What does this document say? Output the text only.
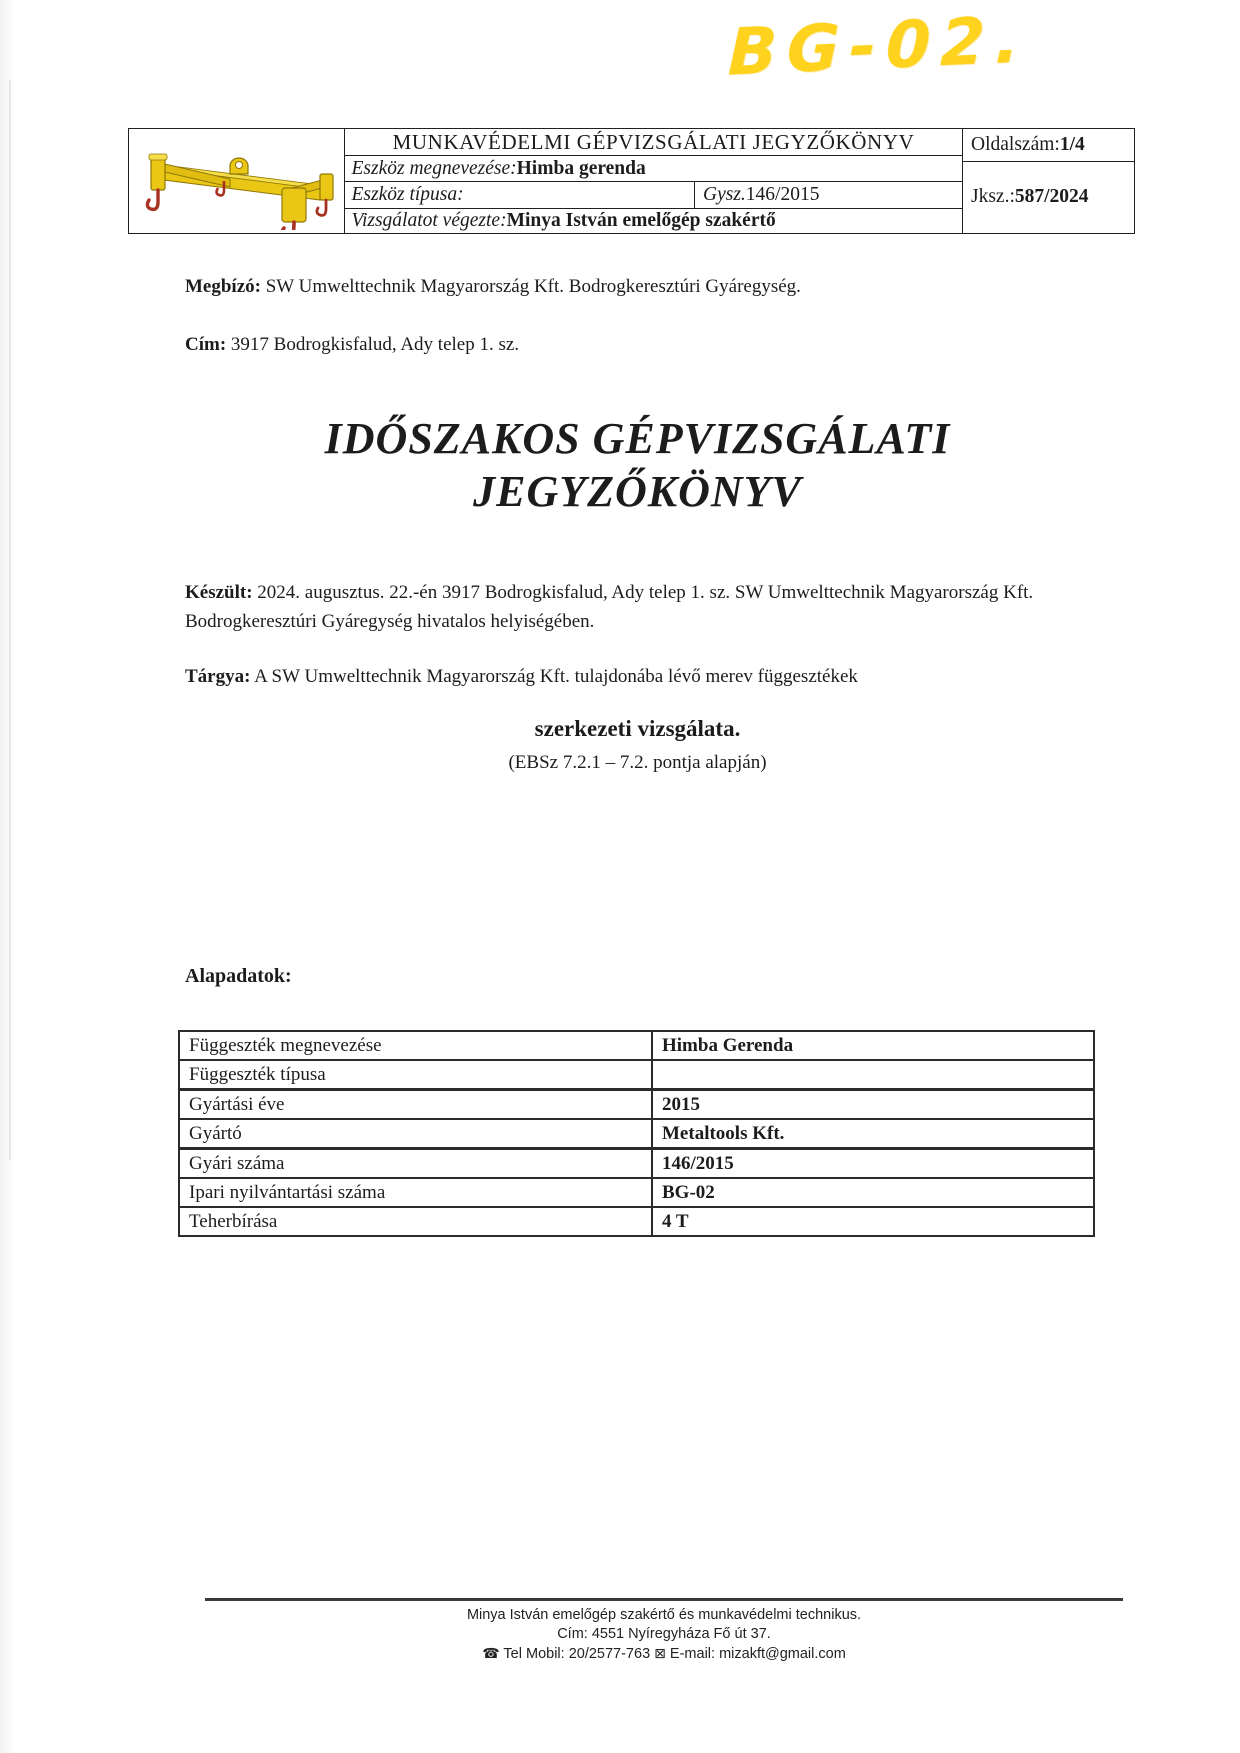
BG-02.
MUNKAVÉDELMI GÉPVIZSGÁLATI JEGYZŐKÖNYV
Eszköz megnevezése: Himba gerenda
Eszköz típusa:	Gysz. 146/2015
Vizsgálatot végezte: Minya István emelőgép szakértő
Oldalszám: 1/4
Jksz.: 587/2024
Megbízó: SW Umwelttechnik Magyarország Kft. Bodrogkeresztúri Gyáregység.
Cím: 3917 Bodrogkisfalud, Ady telep 1. sz.
IDŐSZAKOS GÉPVIZSGÁLATI
JEGYZŐKÖNYV
Készült: 2024. augusztus. 22.-én 3917 Bodrogkisfalud, Ady telep 1. sz. SW Umwelttechnik Magyarország Kft. Bodrogkeresztúri Gyáregység hivatalos helyiségében.
Tárgya: A SW Umwelttechnik Magyarország Kft. tulajdonába lévő merev függesztékek
szerkezeti vizsgálata.
(EBSz 7.2.1 – 7.2. pontja alapján)
Alapadatok:
Függeszték megnevezése	Himba Gerenda
Függeszték típusa	
Gyártási éve	2015
Gyártó	Metaltools Kft.
Gyári száma	146/2015
Ipari nyilvántartási száma	BG-02
Teherbírása	4 T
Minya István emelőgép szakértő és munkavédelmi technikus.
Cím: 4551 Nyíregyháza Fő út 37.
☎ Tel Mobil: 20/2577-763 ⊠ E-mail: mizakft@gmail.com
